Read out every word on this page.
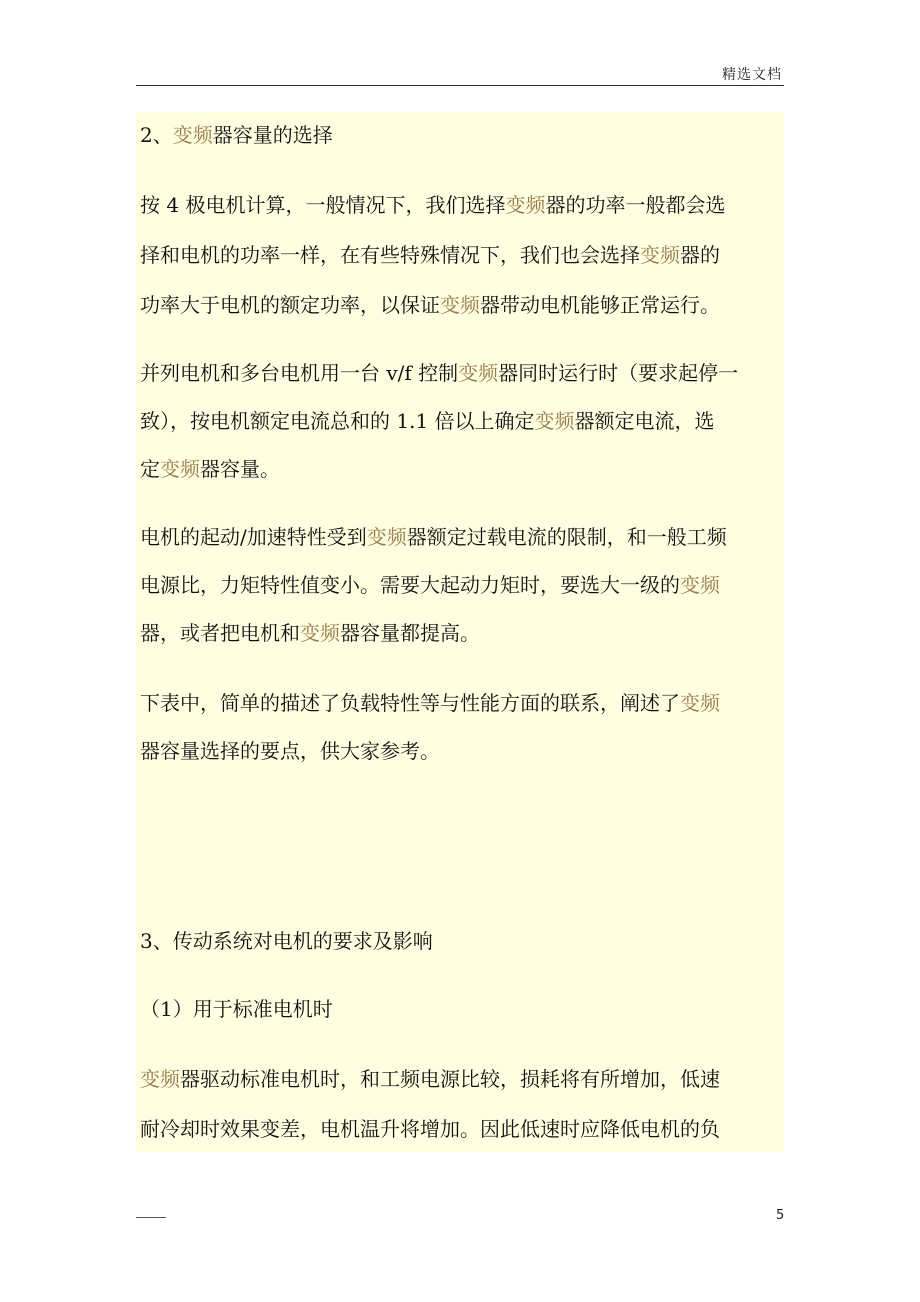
精选文档
2、变频器容量的选择
按 4 极电机计算，一般情况下，我们选择变频器的功率一般都会选
择和电机的功率一样，在有些特殊情况下，我们也会选择变频器的
功率大于电机的额定功率，以保证变频器带动电机能够正常运行。
并列电机和多台电机用一台 v/f 控制变频器同时运行时（要求起停一
致），按电机额定电流总和的 1.1 倍以上确定变频器额定电流，选
定变频器容量。
电机的起动/加速特性受到变频器额定过载电流的限制，和一般工频
电源比，力矩特性值变小。需要大起动力矩时，要选大一级的变频
器，或者把电机和变频器容量都提高。
下表中，简单的描述了负载特性等与性能方面的联系，阐述了变频
器容量选择的要点，供大家参考。
3、传动系统对电机的要求及影响
（1）用于标准电机时
变频器驱动标准电机时，和工频电源比较，损耗将有所增加，低速
耐冷却时效果变差，电机温升将增加。因此低速时应降低电机的负
5
